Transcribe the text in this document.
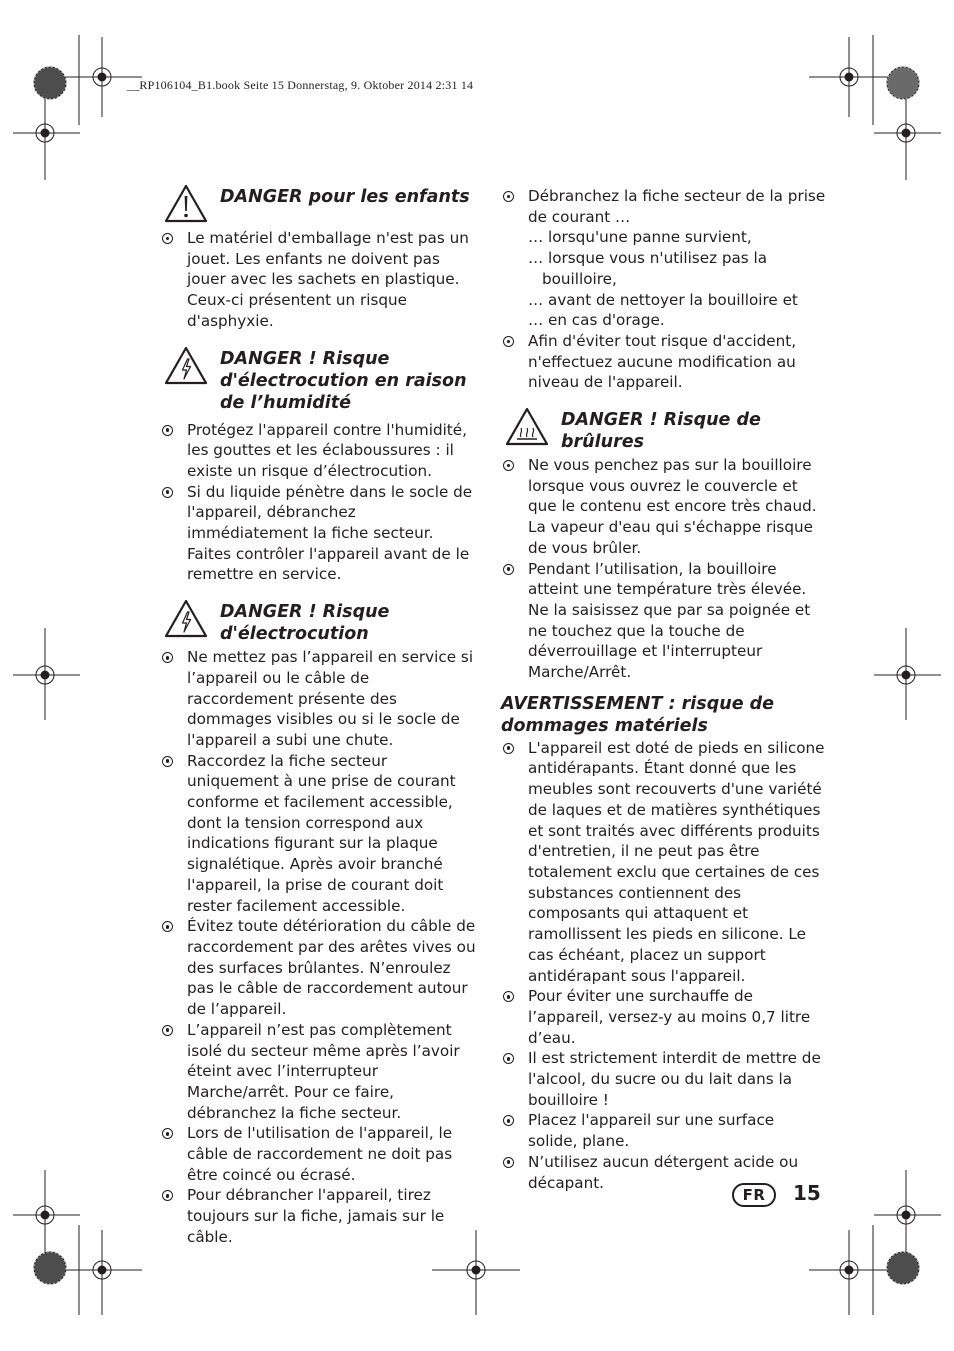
__RP106104_B1.book Seite 15 Donnerstag, 9. Oktober 2014 2:31 14
DANGER pour les enfants
Le matériel d'emballage n'est pas un jouet. Les enfants ne doivent pas jouer avec les sachets en plastique. Ceux-ci présentent un risque d'asphyxie.
DANGER ! Risque d'électrocution en raison de l’humidité
Protégez l'appareil contre l'humidité, les gouttes et les éclaboussures : il existe un risque d’électrocution.
Si du liquide pénètre dans le socle de l'appareil, débranchez immédiatement la fiche secteur. Faites contrôler l'appareil avant de le remettre en service.
DANGER ! Risque d'électrocution
Ne mettez pas l’appareil en service si l’appareil ou le câble de raccordement présente des dommages visibles ou si le socle de l'appareil a subi une chute.
Raccordez la fiche secteur uniquement à une prise de courant conforme et facilement accessible, dont la tension correspond aux indications figurant sur la plaque signalétique. Après avoir branché l'appareil, la prise de courant doit rester facilement accessible.
Évitez toute détérioration du câble de raccordement par des arêtes vives ou des surfaces brûlantes. N’enroulez pas le câble de raccordement autour de l’appareil.
L’appareil n’est pas complètement isolé du secteur même après l’avoir éteint avec l’interrupteur Marche/arrêt. Pour ce faire, débranchez la fiche secteur.
Lors de l'utilisation de l'appareil, le câble de raccordement ne doit pas être coincé ou écrasé.
Pour débrancher l'appareil, tirez toujours sur la fiche, jamais sur le câble.
Débranchez la fiche secteur de la prise de courant …
… lorsqu'une panne survient,
… lorsque vous n'utilisez pas la bouilloire,
… avant de nettoyer la bouilloire et
… en cas d'orage.
Afin d'éviter tout risque d'accident, n'effectuez aucune modification au niveau de l'appareil.
DANGER ! Risque de brûlures
Ne vous penchez pas sur la bouilloire lorsque vous ouvrez le couvercle et que le contenu est encore très chaud. La vapeur d'eau qui s'échappe risque de vous brûler.
Pendant l’utilisation, la bouilloire atteint une température très élevée. Ne la saisissez que par sa poignée et ne touchez que la touche de déverrouillage et l'interrupteur Marche/Arrêt.
AVERTISSEMENT : risque de dommages matériels
L'appareil est doté de pieds en silicone antidérapants. Étant donné que les meubles sont recouverts d'une variété de laques et de matières synthétiques et sont traités avec différents produits d'entretien, il ne peut pas être totalement exclu que certaines de ces substances contiennent des composants qui attaquent et ramollissent les pieds en silicone. Le cas échéant, placez un support antidérapant sous l'appareil.
Pour éviter une surchauffe de l’appareil, versez-y au moins 0,7 litre d’eau.
Il est strictement interdit de mettre de l'alcool, du sucre ou du lait dans la bouilloire !
Placez l'appareil sur une surface solide, plane.
N’utilisez aucun détergent acide ou décapant.
FR	15
